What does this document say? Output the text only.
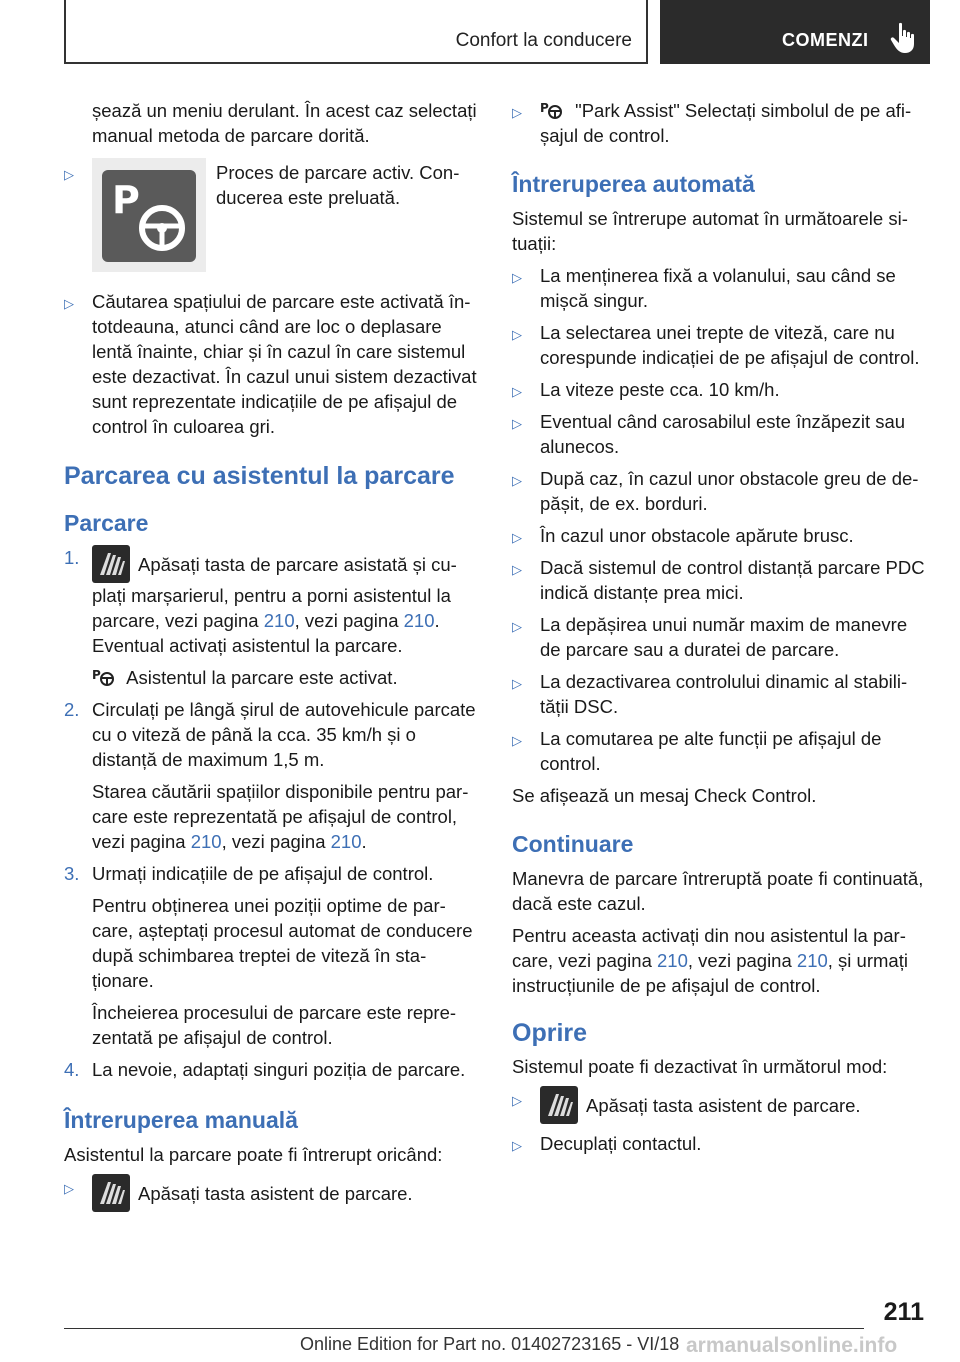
Confort la conducere	COMENZI

ș​ează un meniu derulant. În acest caz selectați manual metoda de parcare dorită.

▷
P
Proces de parcare activ. Conducerea este preluată.
▷ Căutarea spațiului de parcare este activată întotdeauna, atunci când are loc o deplasare lentă înainte, chiar și în cazul în care sistemul este dezactivat. În cazul unui sistem dezactivat sunt reprezentate indicațiile de pe afișajul de control în culoarea gri.
Parcarea cu asistentul la parcare
Parcare
1.	Apăsați tasta de parcare asistată și cuplați marșarierul, pentru a porni asistentul la parcare, vezi pagina 210, vezi pagina 210. Eventual activați asistentul la parcare.

P Asistentul la parcare este activat.

2. Circulați pe lângă șirul de autovehicule parcate cu o viteză de până la cca. 35 km/h și o distanță de maximum 1,5 m.

Starea căutării spațiilor disponibile pentru parcare este reprezentată pe afișajul de control, vezi pagina 210, vezi pagina 210.

3. Urmați indicațiile de pe afișajul de control.

Pentru obținerea unei poziții optime de parcare, așteptați procesul automat de conducere după schimbarea treptei de viteză în staționare.

Încheierea procesului de parcare este reprezentată pe afișajul de control.

4. La nevoie, adaptați singuri poziția de parcare.
Întreruperea manuală

Asistentul la parcare poate fi întrerupt oricând:

▷	Apăsați tasta asistent de parcare.
▷ P "Park Assist" Selectați simbolul de pe afișajul de control.
Întreruperea automată

Sistemul se întrerupe automat în următoarele situații:

▷ La menținerea fixă a volanului, sau când se mișcă singur.
▷ La selectarea unei trepte de viteză, care nu corespunde indicației de pe afișajul de control.
▷ La viteze peste cca. 10 km/h.
▷ Eventual când carosabilul este înzăpezit sau alunecos.
▷ După caz, în cazul unor obstacole greu de depășit, de ex. borduri.
▷ În cazul unor obstacole apărute brusc.
▷ Dacă sistemul de control distanță parcare PDC indică distanțe prea mici.
▷ La depășirea unui număr maxim de manevre de parcare sau a duratei de parcare.
▷ La dezactivarea controlului dinamic al stabilității DSC.
▷ La comutarea pe alte funcții pe afișajul de control.

Se afișează un mesaj Check Control.

Continuare

Manevra de parcare întreruptă poate fi continuată, dacă este cazul.

Pentru aceasta activați din nou asistentul la parcare, vezi pagina 210, vezi pagina 210, și urmați instrucțiunile de pe afișajul de control.

Oprire

Sistemul poate fi dezactivat în următorul mod:

▷	Apăsați tasta asistent de parcare.
▷ Decuplați contactul.
211
Online Edition for Part no. 01402723165 - VI/18 armanualsonline.info
